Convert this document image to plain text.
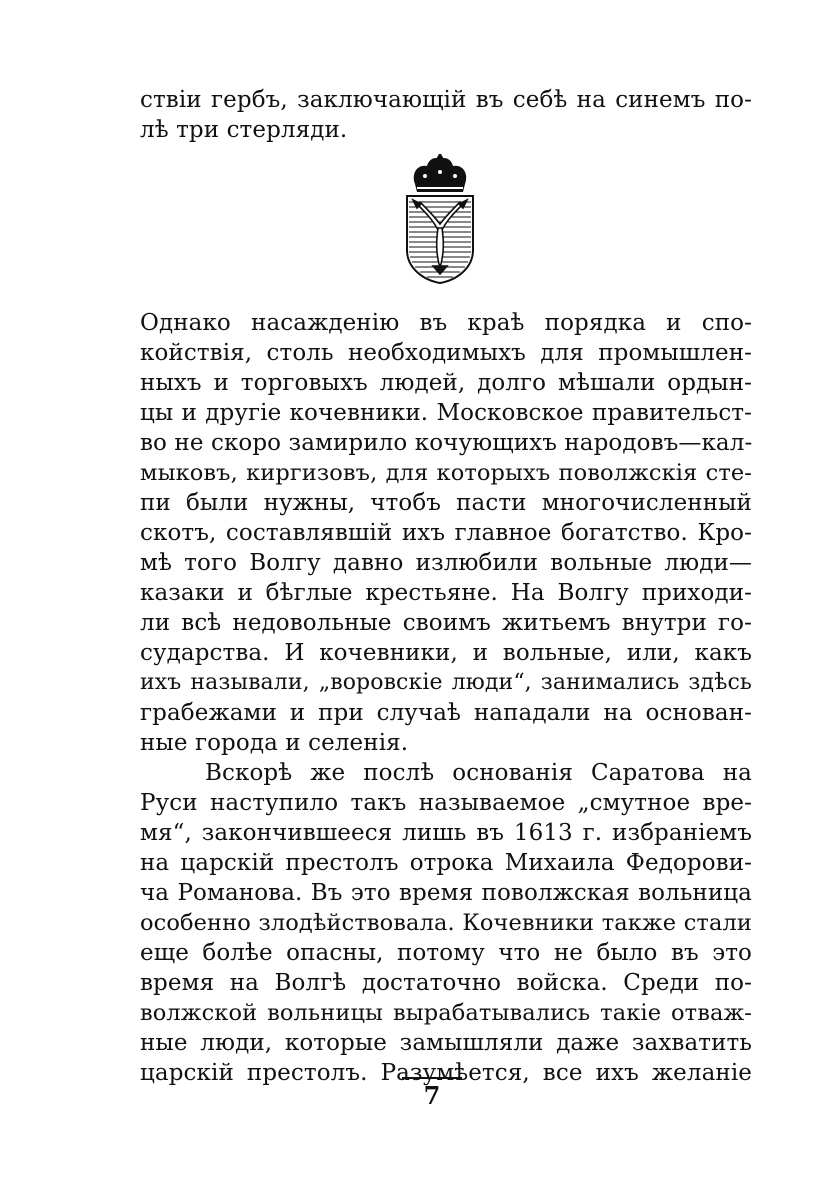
ствіи гербъ, заключающій въ себѣ на синемъ по-
лѣ три стерляди.
Однако насажденію въ краѣ порядка и спо-
койствія, столь необходимыхъ для промышлен-
ныхъ и торговыхъ людей, долго мѣшали ордын-
цы и другіе кочевники. Московское правительст-
во не скоро замирило кочующихъ народовъ—кал-
мыковъ, киргизовъ, для которыхъ поволжскія сте-
пи были нужны, чтобъ пасти многочисленный
скотъ, составлявшій ихъ главное богатство. Кро-
мѣ того Волгу давно излюбили вольные люди—
казаки и бѣглые крестьяне. На Волгу приходи-
ли всѣ недовольные своимъ житьемъ внутри го-
сударства. И кочевники, и вольные, или, какъ
ихъ называли, „воровскіе люди“, занимались здѣсь
грабежами и при случаѣ нападали на основан-
ные города и селенія.
Вскорѣ же послѣ основанія Саратова на
Руси наступило такъ называемое „смутное вре-
мя“, закончившееся лишь въ 1613 г. избраніемъ
на царскій престолъ отрока Михаила Федорови-
ча Романова. Въ это время поволжская вольница
особенно злодѣйствовала. Кочевники также стали
еще болѣе опасны, потому что не было въ это
время на Волгѣ достаточно войска. Среди по-
волжской вольницы вырабатывались такіе отваж-
ные люди, которые замышляли даже захватить
царскій престолъ. Разумѣется, все ихъ желаніе
7
